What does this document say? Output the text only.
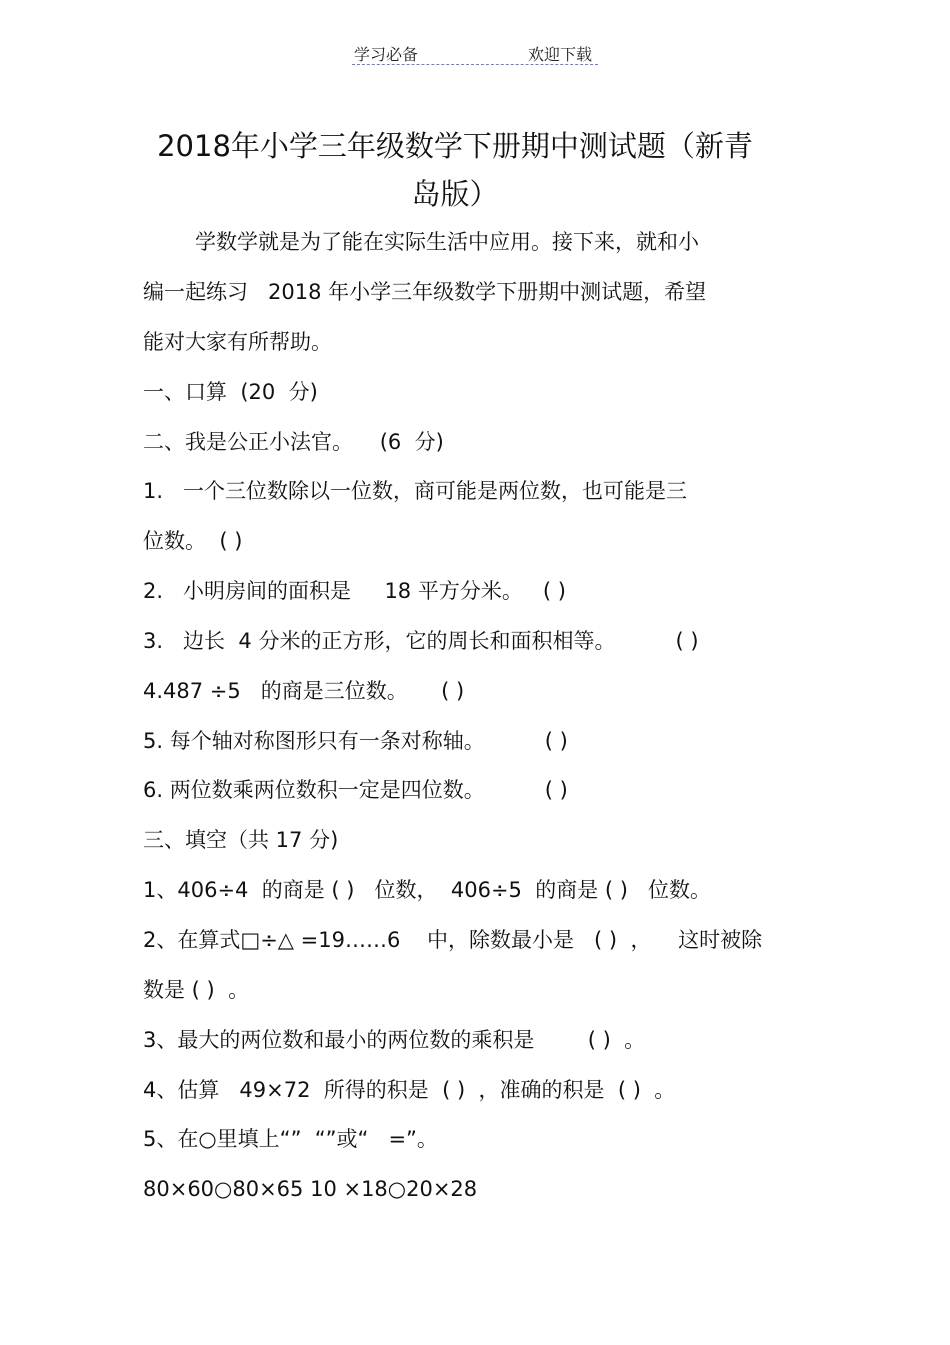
学习必备	欢迎下载
2018年小学三年级数学下册期中测试题（新青
岛版）
学数学就是为了能在实际生活中应用。接下来，就和小
编一起练习   2018 年小学三年级数学下册期中测试题，希望
能对大家有所帮助。
一、口算  (20  分)
二、我是公正小法官。    (6  分)
1.   一个三位数除以一位数，商可能是两位数，也可能是三
位数。  ( )
2.   小明房间的面积是     18 平方分米。   ( )
3.   边长  4 分米的正方形，它的周长和面积相等。         ( )
4.487 ÷5   的商是三位数。     ( )
5. 每个轴对称图形只有一条对称轴。         ( )
6. 两位数乘两位数积一定是四位数。         ( )
三、填空（共 17 分)
1、406÷4  的商是 ( )   位数，  406÷5  的商是 ( )   位数。
2、在算式□÷△ =19……6    中，除数最小是   ( )  ，    这时被除
数是 ( )  。
3、最大的两位数和最小的两位数的乘积是        ( )  。
4、估算   49×72  所得的积是  ( )  ，准确的积是  ( )  。
5、在○里填上“”  “”或“   =”。
80×60○80×65 10 ×18○20×28
